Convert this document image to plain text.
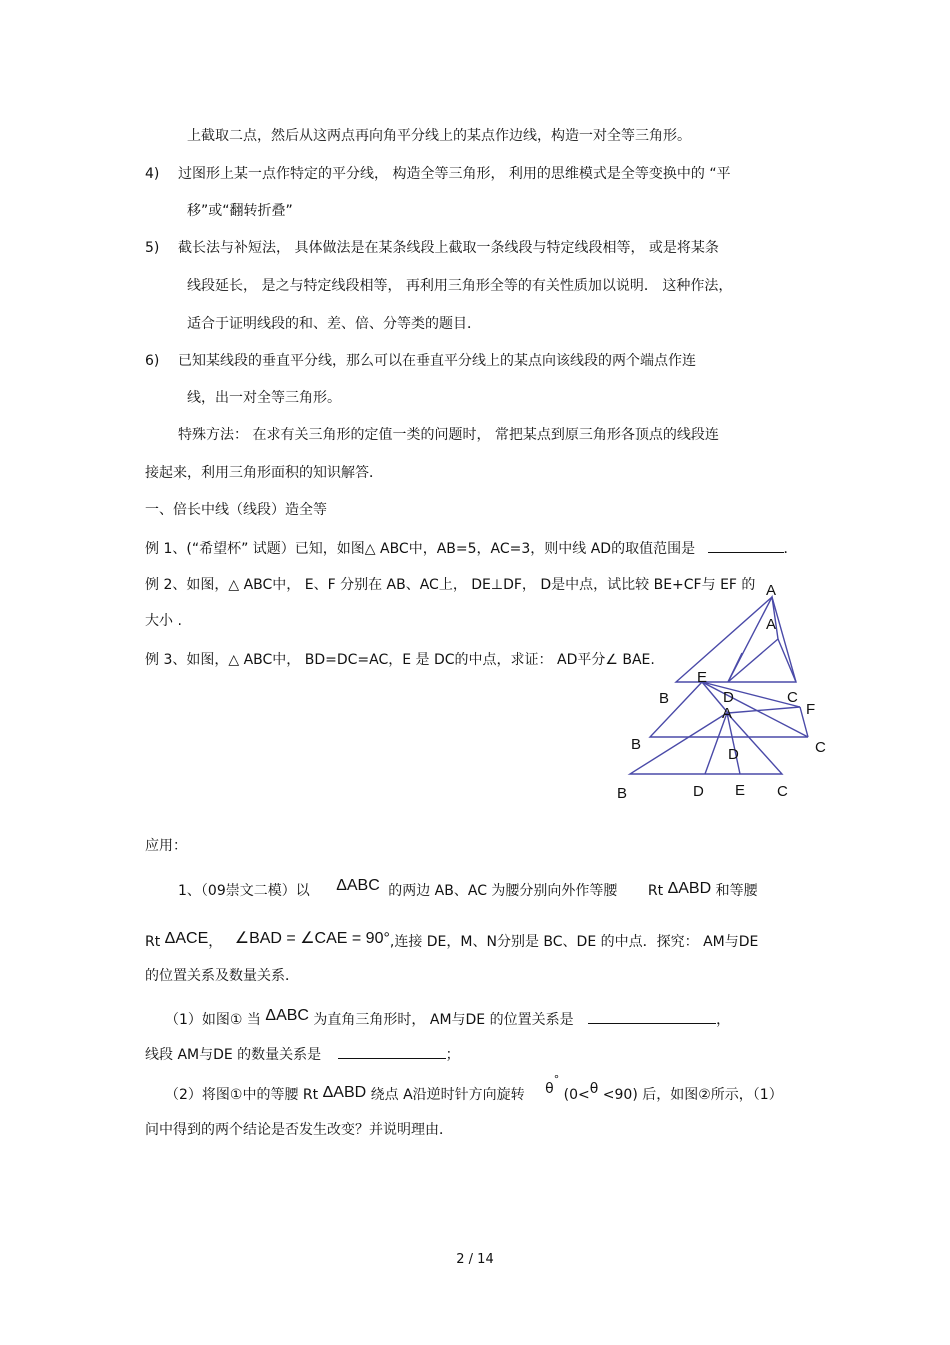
上截取二点，然后从这两点再向角平分线上的某点作边线，构造一对全等三角形。
4) 过图形上某一点作特定的平分线， 构造全等三角形， 利用的思维模式是全等变换中的 “平
移”或“翻转折叠”
5) 截长法与补短法， 具体做法是在某条线段上截取一条线段与特定线段相等， 或是将某条
线段延长， 是之与特定线段相等， 再利用三角形全等的有关性质加以说明． 这种作法，
适合于证明线段的和、差、倍、分等类的题目．
6) 已知某线段的垂直平分线，那么可以在垂直平分线上的某点向该线段的两个端点作连
线，出一对全等三角形。
特殊方法： 在求有关三角形的定值一类的问题时， 常把某点到原三角形各顶点的线段连
接起来，利用三角形面积的知识解答．
一、倍长中线（线段）造全等
例 1、(“希望杯” 试题）已知，如图△ ABC中，AB=5，AC=3，则中线 AD的取值范围是	．
例 2、如图，△ ABC中， E、F 分别在 AB、AC上， DE⊥DF， D是中点，试比较 BE+CF与 EF 的
大小 .
例 3、如图，△ ABC中， BD=DC=AC，E 是 DC的中点，求证： AD平分∠ BAE.
A
A
E
B	D	C
A	F
B
D	C
B	D E C
应用：
1、（09崇文二模）以 ΔABC 的两边 AB、AC 为腰分别向外作等腰 Rt ΔABD 和等腰
Rt ΔACE， ∠BAD = ∠CAE = 90°,连接 DE，M、N分别是 BC、DE 的中点．探究： AM与DE
的位置关系及数量关系．
（1）如图① 当 ΔABC 为直角三角形时， AM与DE 的位置关系是	，
线段 AM与DE 的数量关系是	；
（2）将图①中的等腰 Rt ΔABD 绕点 A沿逆时针方向旋转 θ° (0<θ <90) 后，如图②所示，（1）
问中得到的两个结论是否发生改变？并说明理由．
2 / 14
